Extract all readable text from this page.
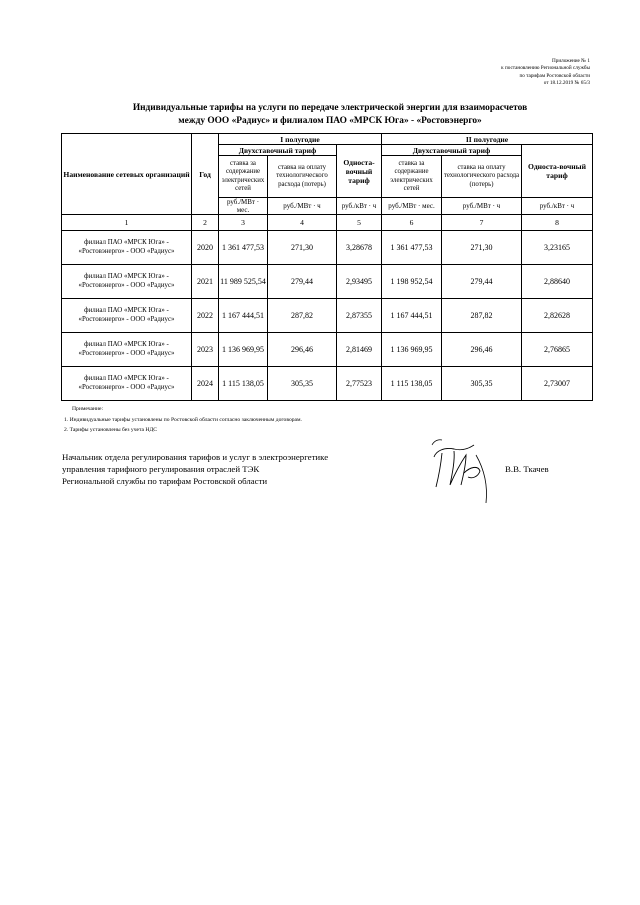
Приложение № 1
к постановлению Региональной службы
по тарифам Ростовской области
от 18.12.2019 № 65/3
Индивидуальные тарифы на услуги по передаче электрической энергии для взаиморасчетов
между ООО «Радиус» и филиалом ПАО «МРСК Юга» - «Ростовэнерго»
Наименование сетевых организаций	Год	I полугодие			II полугодие		
		Двухставочный тариф		Односта-вочный тариф	Двухставочный тариф		Односта-вочный тариф
		ставка за содержание электрических сетей	ставка на оплату технологического расхода (потерь)		ставка за содержание электрических сетей	ставка на оплату технологического расхода (потерь)	
		руб./МВт · мес.	руб./МВт · ч	руб./кВт · ч	руб./МВт · мес.	руб./МВт · ч	руб./кВт · ч
1	2	3	4	5	6	7	8
филиал ПАО «МРСК Юга» - «Ростовэнерго» - ООО «Радиус»	2020	1 361 477,53	271,30	3,28678	1 361 477,53	271,30	3,23165
филиал ПАО «МРСК Юга» - «Ростовэнерго» - ООО «Радиус»	2021	11 989 525,54	279,44	2,93495	1 198 952,54	279,44	2,88640
филиал ПАО «МРСК Юга» - «Ростовэнерго» - ООО «Радиус»	2022	1 167 444,51	287,82	2,87355	1 167 444,51	287,82	2,82628
филиал ПАО «МРСК Юга» - «Ростовэнерго» - ООО «Радиус»	2023	1 136 969,95	296,46	2,81469	1 136 969,95	296,46	2,76865
филиал ПАО «МРСК Юга» - «Ростовэнерго» - ООО «Радиус»	2024	1 115 138,05	305,35	2,77523	1 115 138,05	305,35	2,73007
Примечание:
1. Индивидуальные тарифы установлены по Ростовской области согласно заключенным договорам.
2. Тарифы установлены без учета НДС
Начальник отдела регулирования тарифов и услуг в электроэнергетике
управления тарифного регулирования отраслей ТЭК
Региональной службы по тарифам Ростовской области
В.В. Ткачев
